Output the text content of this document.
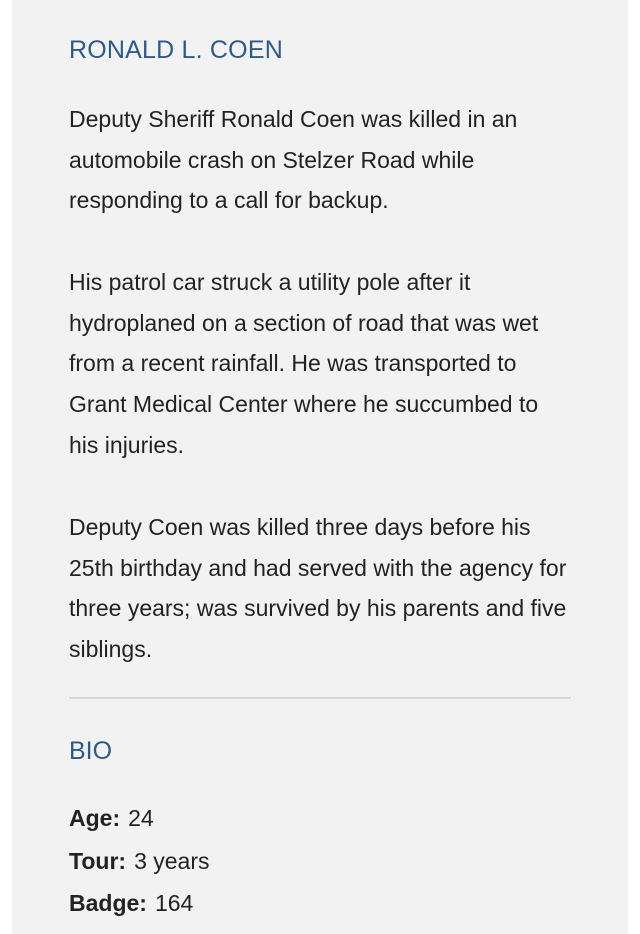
RONALD L. COEN

Deputy Sheriff Ronald Coen was killed in an automobile crash on Stelzer Road while responding to a call for backup.

His patrol car struck a utility pole after it hydroplaned on a section of road that was wet from a recent rainfall. He was transported to Grant Medical Center where he succumbed to his injuries.

Deputy Coen was killed three days before his 25th birthday and had served with the agency for three years; was survived by his parents and five siblings.

BIO
Age: 24
Tour: 3 years
Badge: 164
